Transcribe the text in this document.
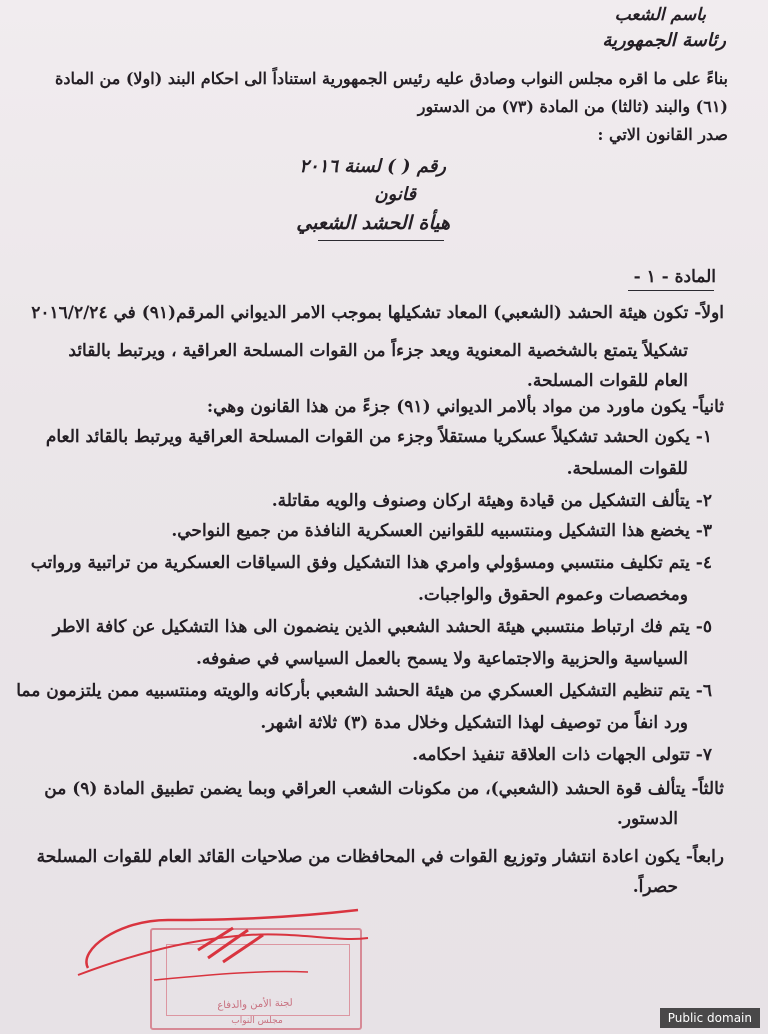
باسم الشعب
رئاسة الجمهورية
بناءً على ما اقره مجلس النواب وصادق عليه رئيس الجمهورية استناداً الى احكام البند (اولا) من المادة
(٦١) والبند (ثالثا) من المادة (٧٣) من الدستور
صدر القانون الاتي :
رقم ( ) لسنة ٢٠١٦
قانون
هيأة الحشد الشعبي
المادة - ١ -
اولاً- تكون هيئة الحشد (الشعبي) المعاد تشكيلها بموجب الامر الديواني المرقم(٩١) في ٢٠١٦/٢/٢٤
تشكيلاً يتمتع بالشخصية المعنوية ويعد جزءاً من القوات المسلحة العراقية ، ويرتبط بالقائد
العام للقوات المسلحة.
ثانياً- يكون ماورد من مواد بألامر الديواني (٩١) جزءً من هذا القانون وهي:
١- يكون الحشد تشكيلاً عسكريا مستقلاً وجزء من القوات المسلحة العراقية ويرتبط بالقائد العام
للقوات المسلحة.
٢- يتألف التشكيل من قيادة وهيئة اركان وصنوف والويه مقاتلة.
٣- يخضع هذا التشكيل ومنتسبيه للقوانين العسكرية النافذة من جميع النواحي.
٤- يتم تكليف منتسبي ومسؤولي وامري هذا التشكيل وفق السياقات العسكرية من تراتبية ورواتب
ومخصصات وعموم الحقوق والواجبات.
٥- يتم فك ارتباط منتسبي هيئة الحشد الشعبي الذين ينضمون الى هذا التشكيل عن كافة الاطر
السياسية والحزبية والاجتماعية ولا يسمح بالعمل السياسي في صفوفه.
٦- يتم تنظيم التشكيل العسكري من هيئة الحشد الشعبي بأركانه والويته ومنتسبيه ممن يلتزمون مما
ورد انفاً من توصيف لهذا التشكيل وخلال مدة (٣) ثلاثة اشهر.
٧- تتولى الجهات ذات العلاقة تنفيذ احكامه.
ثالثاً- يتألف قوة الحشد (الشعبي)، من مكونات الشعب العراقي وبما يضمن تطبيق المادة (٩) من
الدستور.
رابعاً- يكون اعادة انتشار وتوزيع القوات في المحافظات من صلاحيات القائد العام للقوات المسلحة
حصراً.
لجنة الأمن والدفاع
مجلس النواب	Public domain
